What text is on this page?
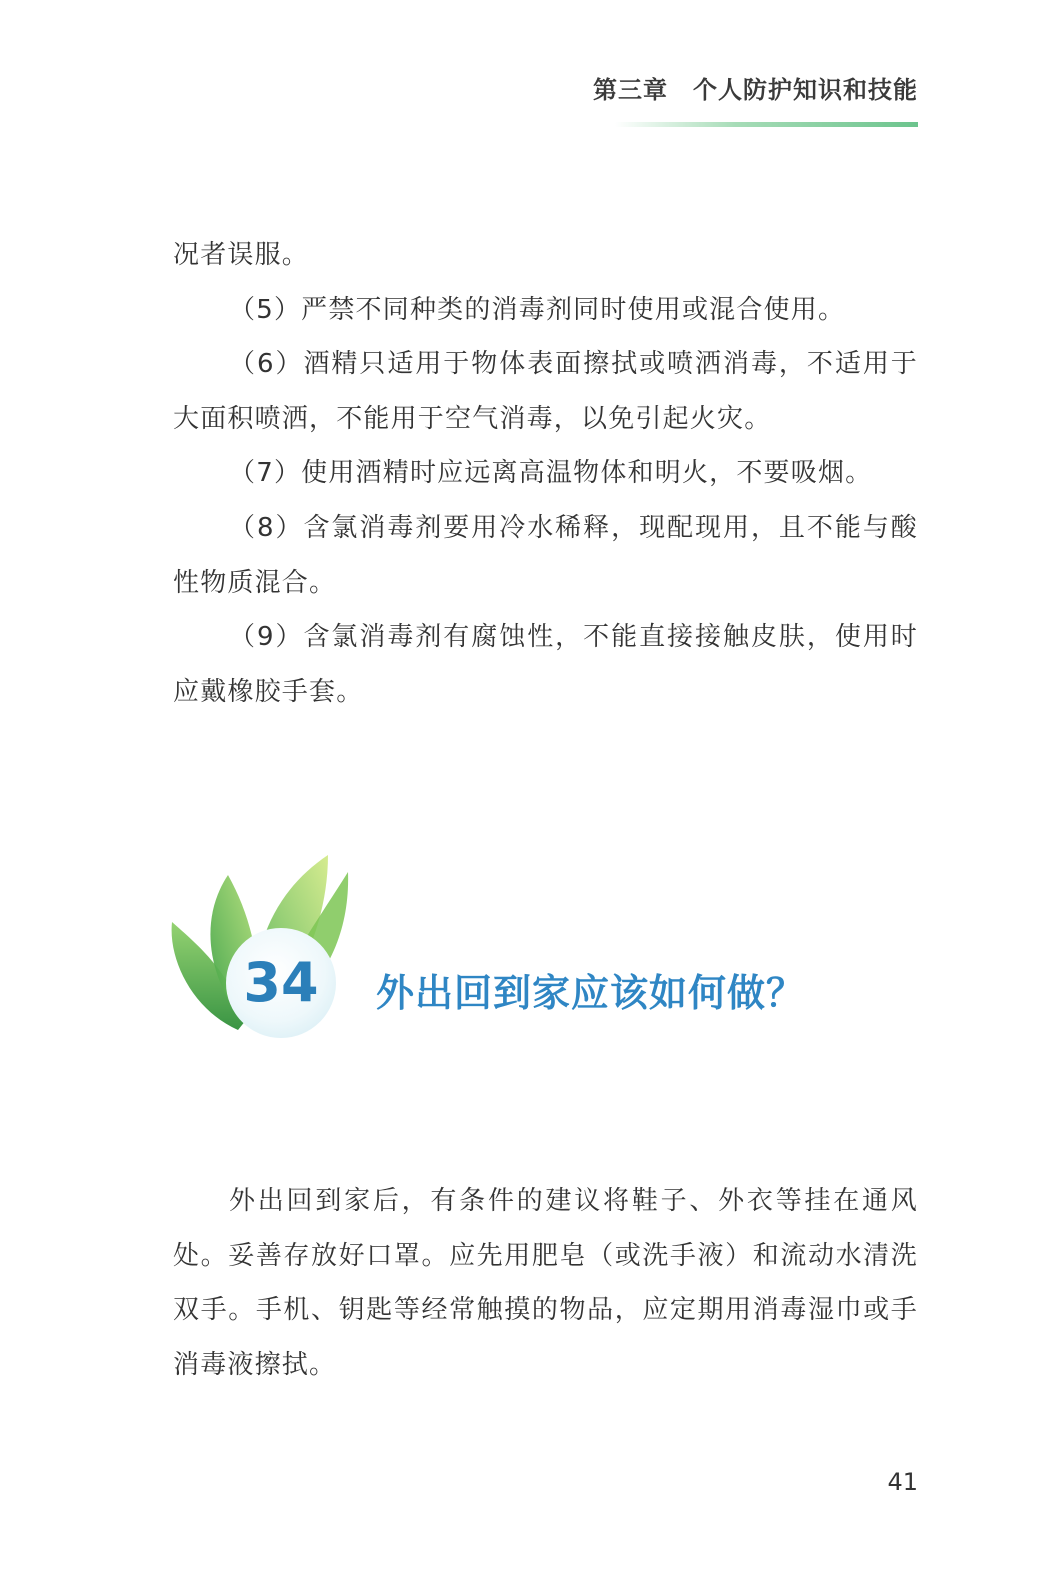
第三章　个人防护知识和技能

况者误服。

（5）严禁不同种类的消毒剂同时使用或混合使用。

（6）酒精只适用于物体表面擦拭或喷洒消毒，不适用于大面积喷洒，不能用于空气消毒，以免引起火灾。

（7）使用酒精时应远离高温物体和明火，不要吸烟。

（8）含氯消毒剂要用冷水稀释，现配现用，且不能与酸性物质混合。

（9）含氯消毒剂有腐蚀性，不能直接接触皮肤，使用时应戴橡胶手套。

34	外出回到家应该如何做？

外出回到家后，有条件的建议将鞋子、外衣等挂在通风处。妥善存放好口罩。应先用肥皂（或洗手液）和流动水清洗双手。手机、钥匙等经常触摸的物品，应定期用消毒湿巾或手消毒液擦拭。

41
